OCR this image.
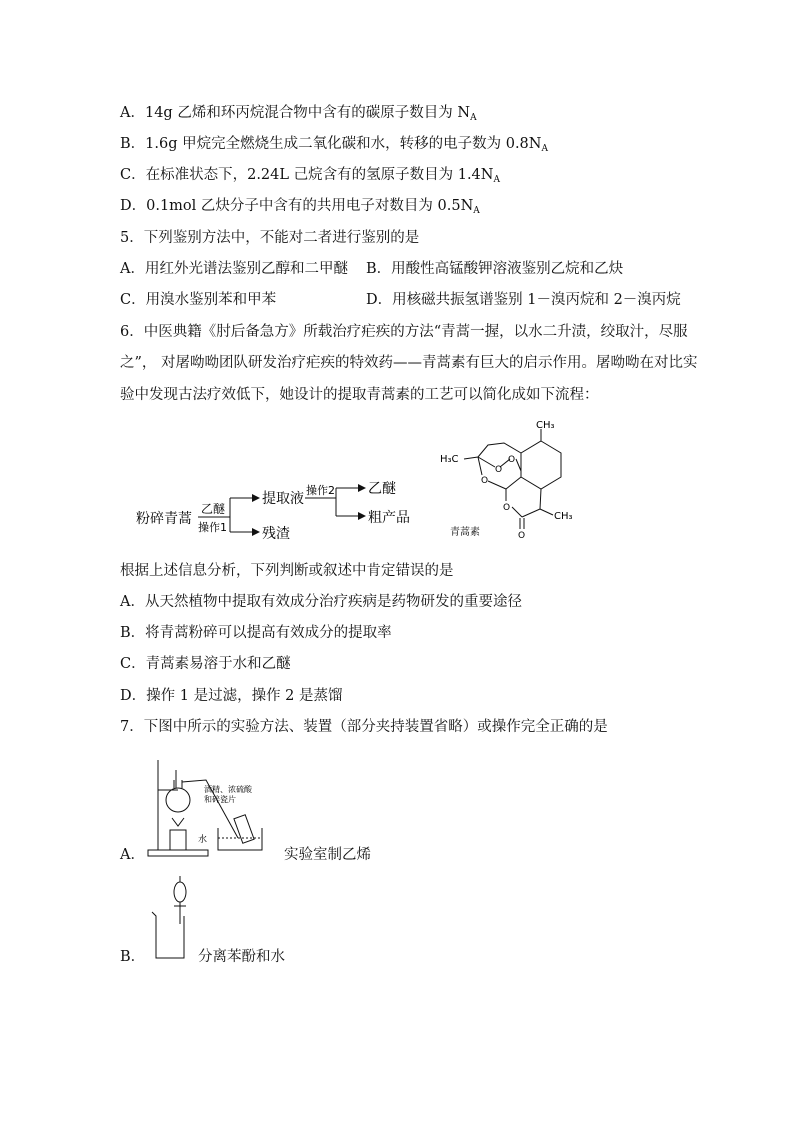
A．14g 乙烯和环丙烷混合物中含有的碳原子数目为 $N_A$
B．1.6g 甲烷完全燃烧生成二氧化碳和水，转移的电子数为 $0.8N_A$
C．在标准状态下，2.24L 己烷含有的氢原子数目为 $1.4N_A$
D．0.1mol 乙炔分子中含有的共用电子对数目为 $0.5N_A$
5．下列鉴别方法中，不能对二者进行鉴别的是
A．用红外光谱法鉴别乙醇和二甲醚 B．用酸性高锰酸钾溶液鉴别乙烷和乙炔
C．用溴水鉴别苯和甲苯	D．用核磁共振氢谱鉴别 1－溴丙烷和 2－溴丙烷
6．中医典籍《肘后备急方》所载治疗疟疾的方法“青蒿一握，以水二升渍，绞取汁，尽服
之”， 对屠呦呦团队研发治疗疟疾的特效药——青蒿素有巨大的启示作用。屠呦呦在对比实
验中发现古法疗效低下，她设计的提取青蒿素的工艺可以简化成如下流程：
粉碎青蒿
乙醚
操作1
提取液
残渣
操作2 乙醚
粗产品
CH₃
H₃C
CH₃
O
O
O
O
O
青蒿素
根据上述信息分析，下列判断或叙述中肯定错误的是
A．从天然植物中提取有效成分治疗疾病是药物研发的重要途径
B．将青蒿粉碎可以提高有效成分的提取率
C．青蒿素易溶于水和乙醚
D．操作 1 是过滤，操作 2 是蒸馏
7．下图中所示的实验方法、装置（部分夹持装置省略）或操作完全正确的是
酒精、浓硫酸
和碎瓷片
水
A．	实验室制乙烯
B．	分离苯酚和水
